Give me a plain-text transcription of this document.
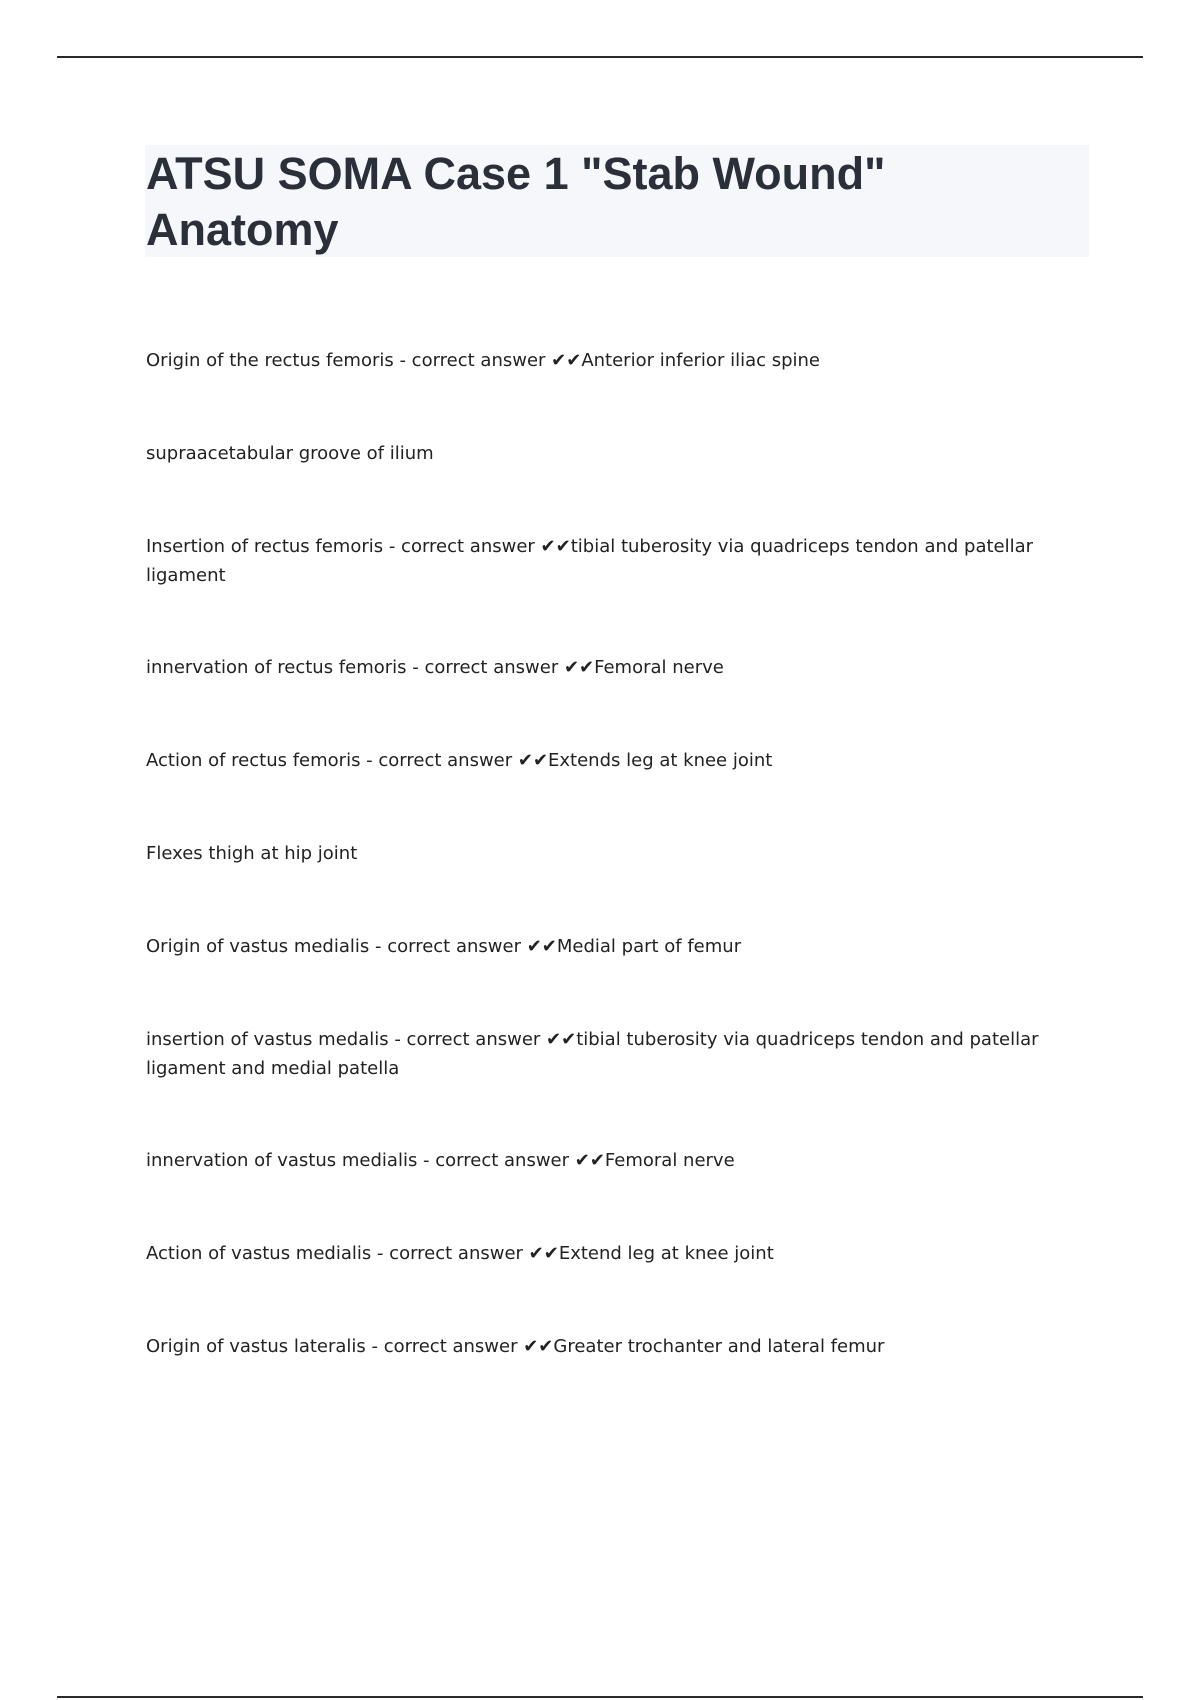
ATSU SOMA Case 1 "Stab Wound" Anatomy
Origin of the rectus femoris - correct answer ✔✔Anterior inferior iliac spine
supraacetabular groove of ilium
Insertion of rectus femoris - correct answer ✔✔tibial tuberosity via quadriceps tendon and patellar ligament
innervation of rectus femoris - correct answer ✔✔Femoral nerve
Action of rectus femoris - correct answer ✔✔Extends leg at knee joint
Flexes thigh at hip joint
Origin of vastus medialis - correct answer ✔✔Medial part of femur
insertion of vastus medalis - correct answer ✔✔tibial tuberosity via quadriceps tendon and patellar ligament and medial patella
innervation of vastus medialis - correct answer ✔✔Femoral nerve
Action of vastus medialis - correct answer ✔✔Extend leg at knee joint
Origin of vastus lateralis - correct answer ✔✔Greater trochanter and lateral femur
